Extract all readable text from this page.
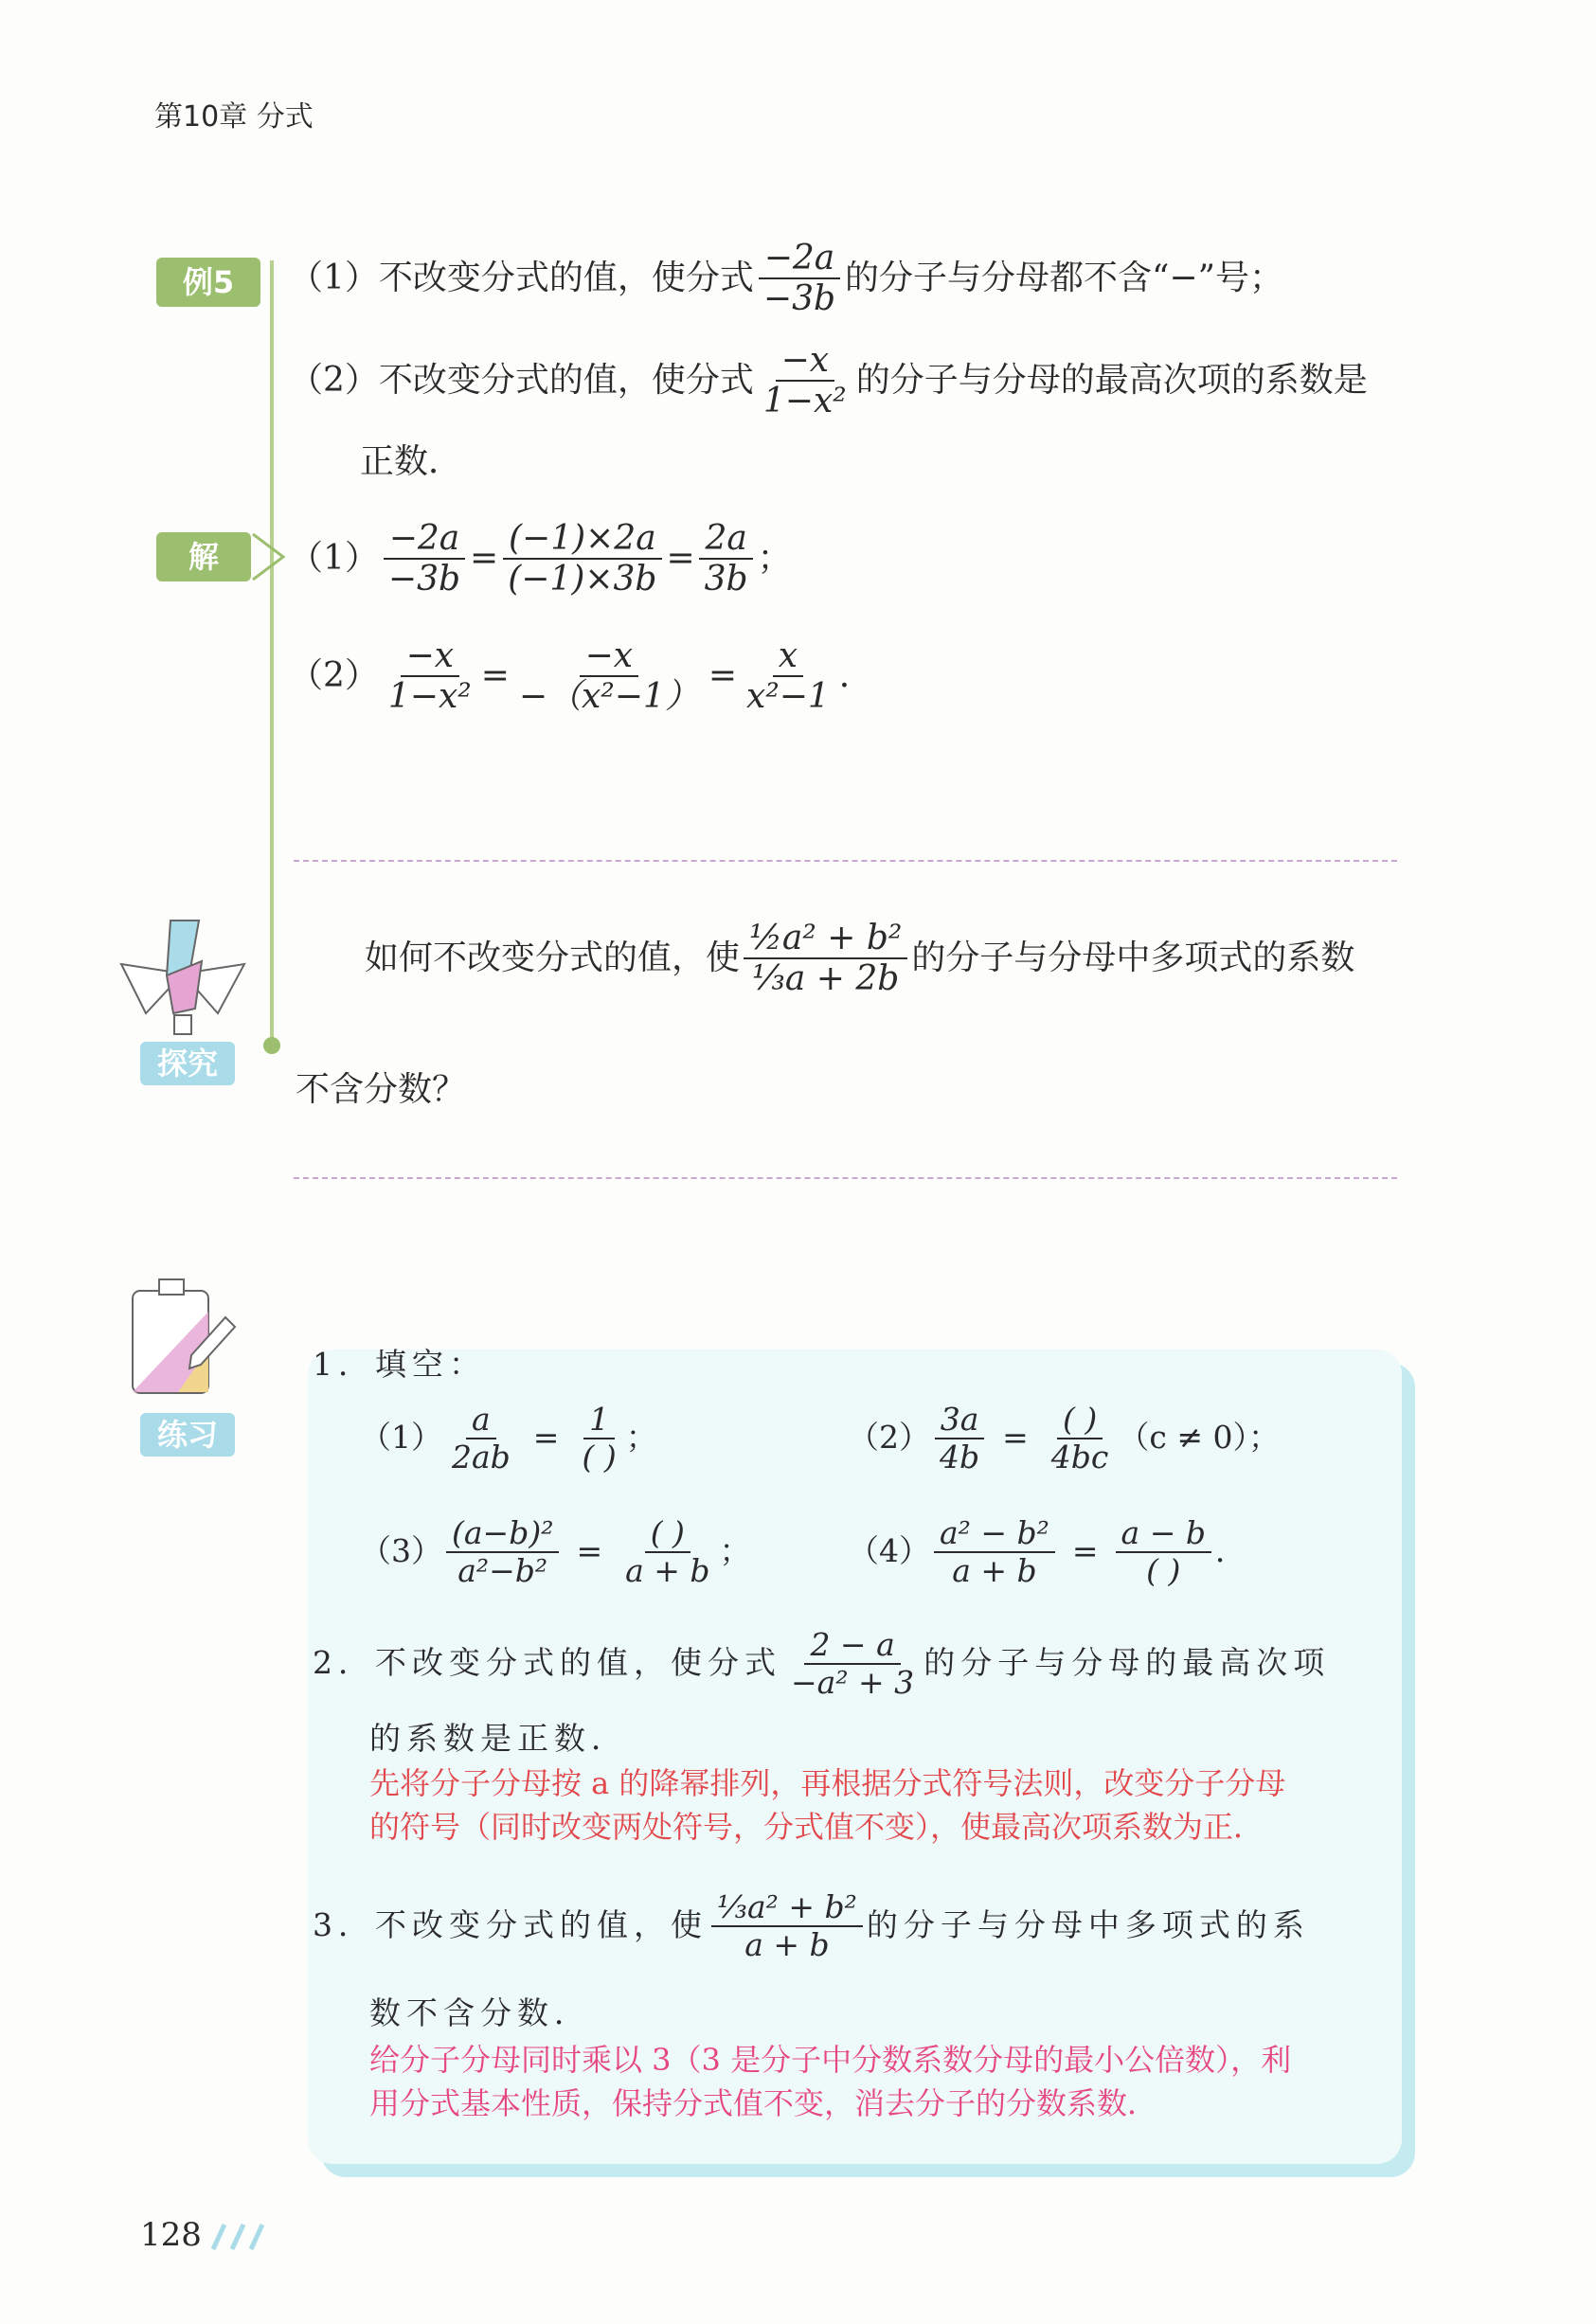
第10章 分式
例5	（1）不改变分式的值，使分式 $\frac{-2a}{-3b}$ 的分子与分母都不含“−”号；
（2）不改变分式的值，使分式 $\frac{-x}{\text{1−x²}}$ 的分子与分母的最高次项的系数是
正数．
解	$(1) \frac{-2a}{-3b} = \frac{(-1)\times 2a}{(-1)\times 3b} = \frac{2a}{3b}$ ；
$(2) \frac{-x}{\text{1−x²}} = \frac{-x}{\text{−（x²−1）}} = \frac{x}{\text{x²−1}}$ ．
探究
如何不改变分式的值，使 $\frac{\text{½a² + b²}}{\text{⅓a + 2b}}$ 的分子与分母中多项式的系数
不含分数？
练习
1．填空：
$(1) \frac{a}{2ab} = \frac{1}{( )}$ ；	$(2) \frac{3a}{4b} = \frac{( )}{4bc} (c \ne 0)$；
$(3) \frac{\text{(a−b)²}}{\text{a²−b²}} = \frac{( )}{a + b}$ ；	$(4) \frac{\text{a² − b²}}{a + b} = \frac{a - b}{( )}$ ．
2．不改变分式的值，使分式 $\frac{2 - a}{\text{−a² + 3}}$ 的分子与分母的最高次项
的系数是正数．
先将分子分母按 a 的降幂排列，再根据分式符号法则，改变分子分母
的符号（同时改变两处符号，分式值不变），使最高次项系数为正．
3．不改变分式的值，使 $\frac{\text{⅓a² + b²}}{a + b}$ 的分子与分母中多项式的系
数不含分数．
给分子分母同时乘以 3（3 是分子中分数系数分母的最小公倍数），利
用分式基本性质，保持分式值不变，消去分子的分数系数．
128
